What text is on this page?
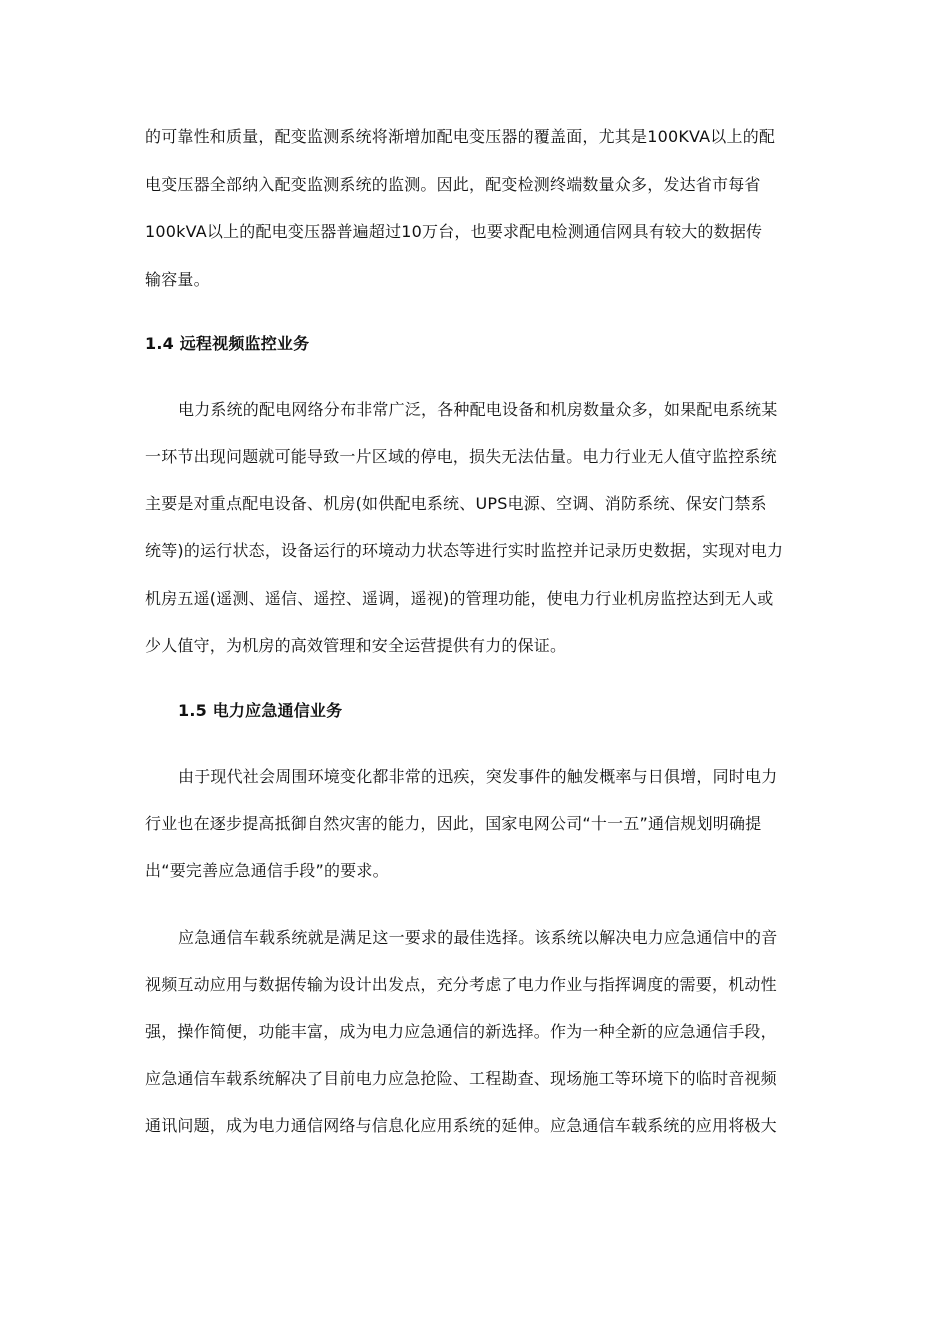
的可靠性和质量，配变监测系统将渐增加配电变压器的覆盖面，尤其是100KVA以上的配
电变压器全部纳入配变监测系统的监测。因此，配变检测终端数量众多，发达省市每省
100kVA以上的配电变压器普遍超过10万台，也要求配电检测通信网具有较大的数据传
输容量。
1.4 远程视频监控业务
电力系统的配电网络分布非常广泛，各种配电设备和机房数量众多，如果配电系统某
一环节出现问题就可能导致一片区域的停电，损失无法估量。电力行业无人值守监控系统
主要是对重点配电设备、机房(如供配电系统、UPS电源、空调、消防系统、保安门禁系
统等)的运行状态，设备运行的环境动力状态等进行实时监控并记录历史数据，实现对电力
机房五遥(遥测、遥信、遥控、遥调，遥视)的管理功能，使电力行业机房监控达到无人或
少人值守，为机房的高效管理和安全运营提供有力的保证。
1.5 电力应急通信业务
由于现代社会周围环境变化都非常的迅疾，突发事件的触发概率与日俱增，同时电力
行业也在逐步提高抵御自然灾害的能力，因此，国家电网公司“十一五”通信规划明确提
出“要完善应急通信手段”的要求。
应急通信车载系统就是满足这一要求的最佳选择。该系统以解决电力应急通信中的音
视频互动应用与数据传输为设计出发点，充分考虑了电力作业与指挥调度的需要，机动性
强，操作简便，功能丰富，成为电力应急通信的新选择。作为一种全新的应急通信手段，
应急通信车载系统解决了目前电力应急抢险、工程勘查、现场施工等环境下的临时音视频
通讯问题，成为电力通信网络与信息化应用系统的延伸。应急通信车载系统的应用将极大
